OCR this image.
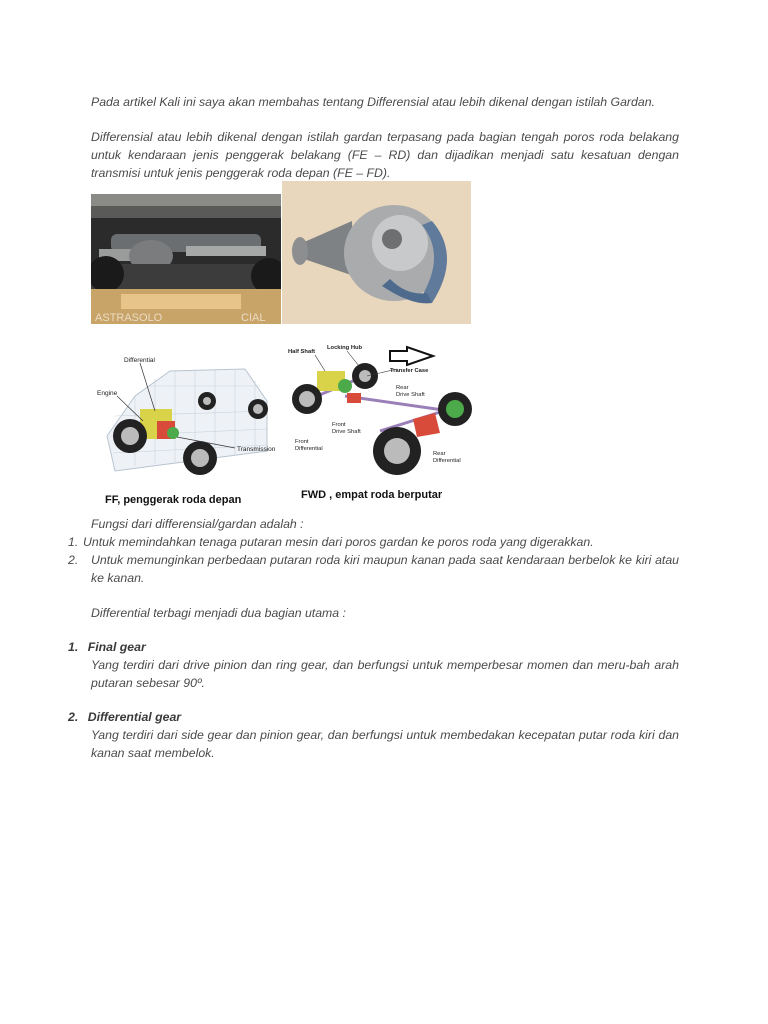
Pada artikel Kali ini saya akan membahas tentang Differensial atau lebih dikenal dengan istilah Gardan.

Differensial atau lebih dikenal dengan istilah gardan terpasang pada bagian tengah poros roda belakang untuk kendaraan jenis penggerak belakang (FE – RD) dan dijadikan menjadi satu kesatuan dengan transmisi untuk jenis penggerak roda depan (FE – FD).

ASTRASOLO	CIAL
Differential
Engine
Transmission
FF, penggerak roda depan
Half Shaft
Locking Hub
Transfer Case
Rear
Drive Shaft
Front
Drive Shaft
Front
Differential
Rear
Differential
FWD , empat roda berputar

Fungsi dari differensial/gardan adalah :

1. Untuk memindahkan tenaga putaran mesin dari poros gardan ke poros roda yang digerakkan.
2.	Untuk memunginkan perbedaan putaran roda kiri maupun kanan pada saat kendaraan berbelok ke kiri atau ke kanan.

Differential terbagi menjadi dua bagian utama :

1. Final gear

Yang terdiri dari drive pinion dan ring gear, dan berfungsi untuk memperbesar momen dan meru-bah arah putaran sebesar 90º.

2. Differential gear

Yang terdiri dari side gear dan pinion gear, dan berfungsi untuk membedakan kecepatan putar roda kiri dan kanan saat membelok.
